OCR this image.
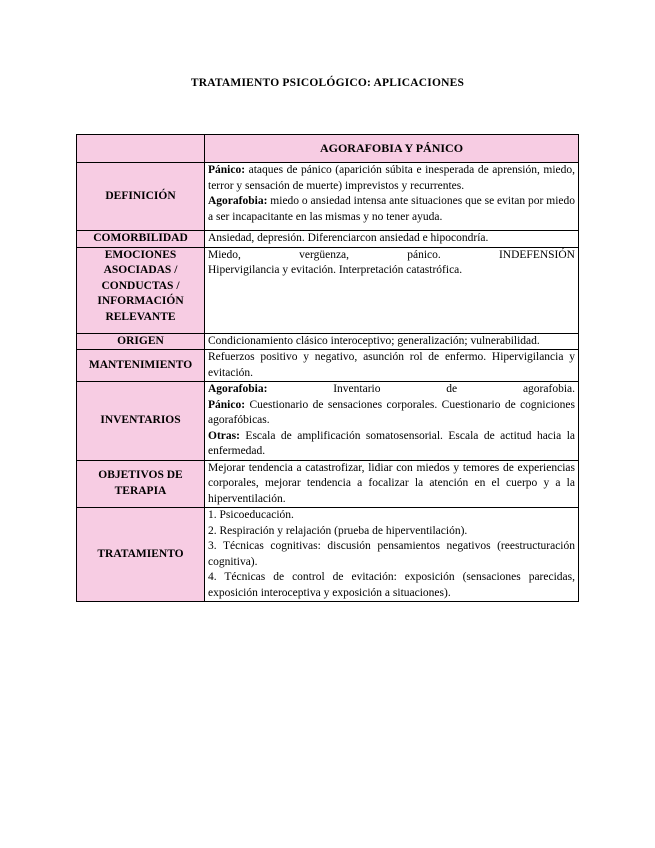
TRATAMIENTO PSICOLÓGICO: APLICACIONES
	AGORAFOBIA Y PÁNICO
DEFINICIÓN	Pánico: ataques de pánico (aparición súbita e inesperada de aprensión, miedo, terror y sensación de muerte) imprevistos y recurrentes.

Agorafobia: miedo o ansiedad intensa ante situaciones que se evitan por miedo a ser incapacitante en las mismas y no tener ayuda.

COMORBILIDAD	Ansiedad, depresión. Diferenciarcon ansiedad e hipocondría.
EMOCIONES ASOCIADAS / CONDUCTAS / INFORMACIÓN RELEVANTE	Miedo, vergüenza, pánico. INDEFENSIÓN

Hipervigilancia y evitación. Interpretación catastrófica.

ORIGEN	Condicionamiento clásico interoceptivo; generalización; vulnerabilidad.
MANTENIMIENTO	Refuerzos positivo y negativo, asunción rol de enfermo. Hipervigilancia y evitación.
INVENTARIOS	Agorafobia: Inventario de agorafobia.

Pánico: Cuestionario de sensaciones corporales. Cuestionario de cogniciones agorafóbicas.

Otras: Escala de amplificación somatosensorial. Escala de actitud hacia la enfermedad.

OBJETIVOS DE TERAPIA	Mejorar tendencia a catastrofizar, lidiar con miedos y temores de experiencias corporales, mejorar tendencia a focalizar la atención en el cuerpo y a la hiperventilación.
TRATAMIENTO	1. Psicoeducación.

2. Respiración y relajación (prueba de hiperventilación).

3. Técnicas cognitivas: discusión pensamientos negativos (reestructuración cognitiva).

4. Técnicas de control de evitación: exposición (sensaciones parecidas, exposición interoceptiva y exposición a situaciones).
